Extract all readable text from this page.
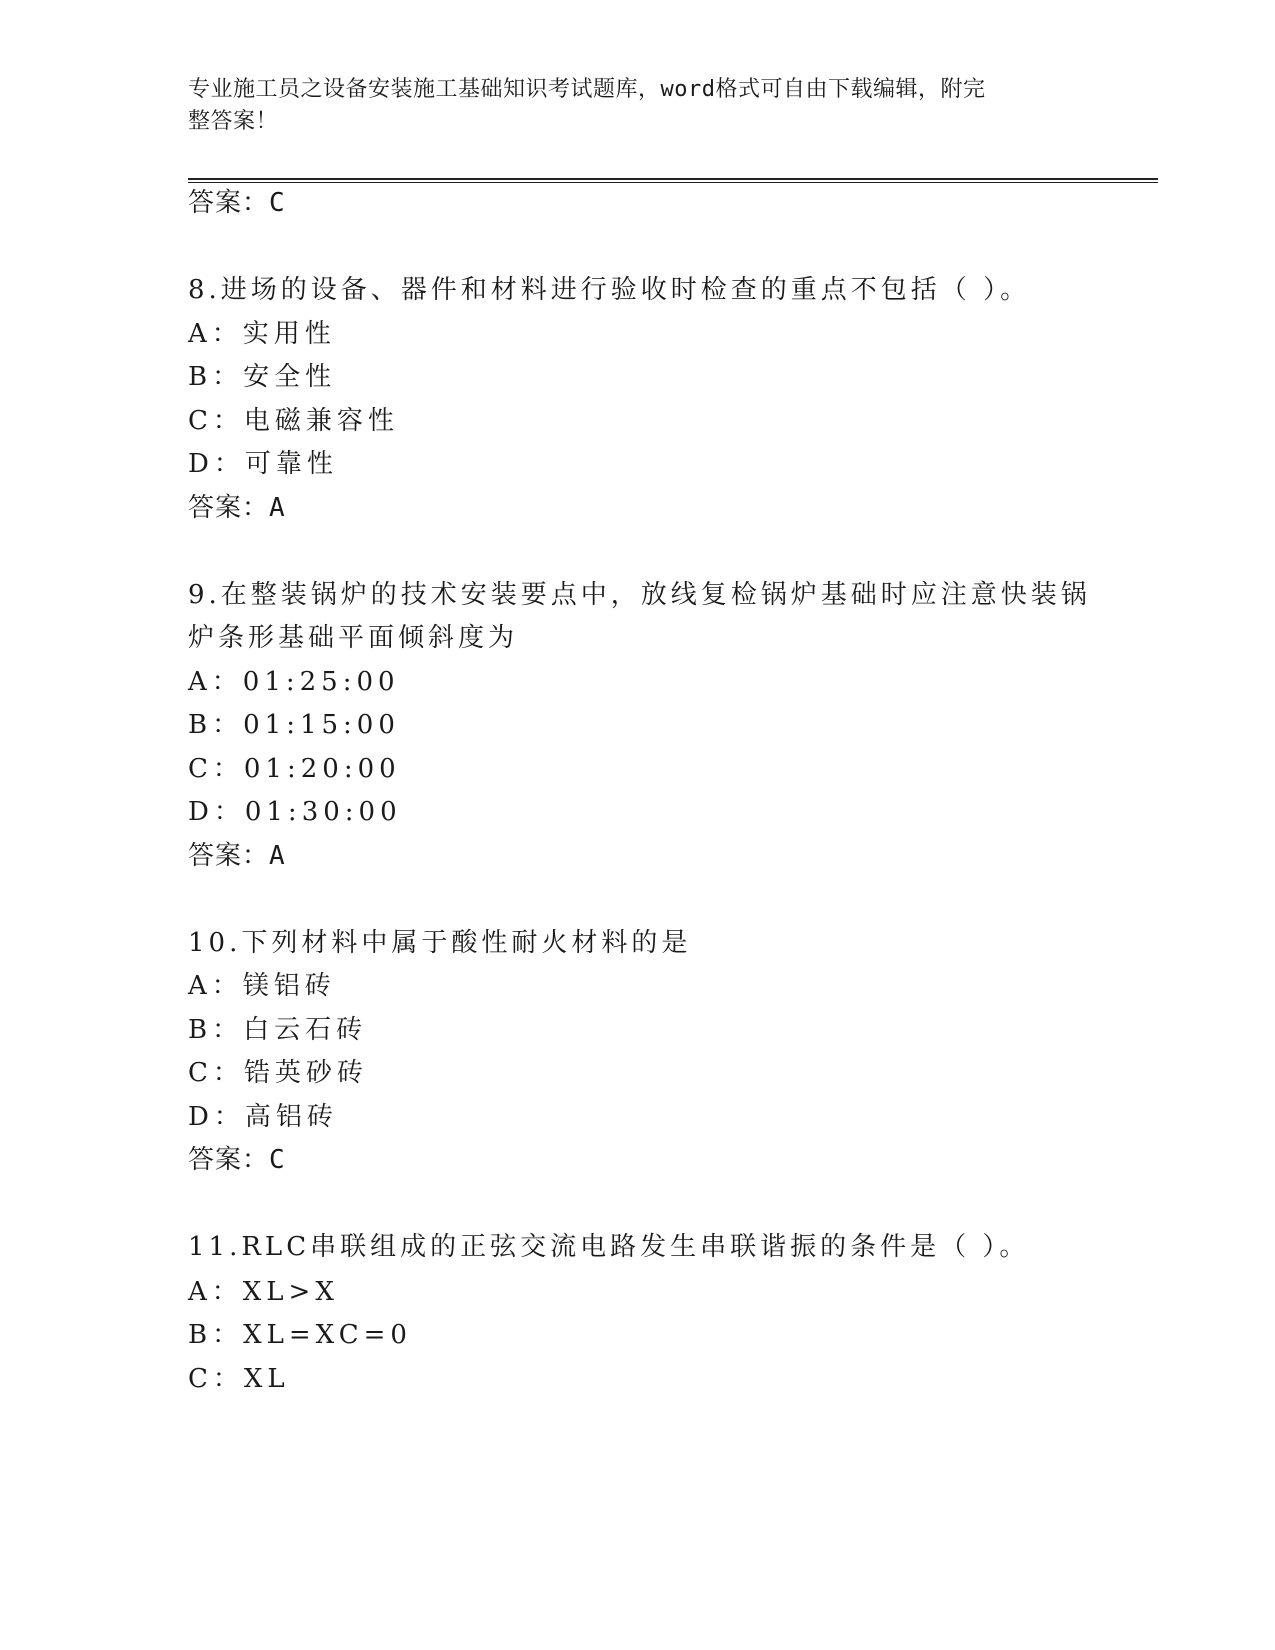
专业施工员之设备安装施工基础知识考试题库，word格式可自由下载编辑，附完
整答案！
答案：C
8.进场的设备、器件和材料进行验收时检查的重点不包括（ ）。
A：实用性
B：安全性
C：电磁兼容性
D：可靠性
答案：A
9.在整装锅炉的技术安装要点中，放线复检锅炉基础时应注意快装锅
炉条形基础平面倾斜度为
A：01:25:00
B：01:15:00
C：01:20:00
D：01:30:00
答案：A
10.下列材料中属于酸性耐火材料的是
A：镁铝砖
B：白云石砖
C：锆英砂砖
D：高铝砖
答案：C
11.RLC串联组成的正弦交流电路发生串联谐振的条件是（ ）。
A：XL>X
B：XL=XC=0
C：XL
